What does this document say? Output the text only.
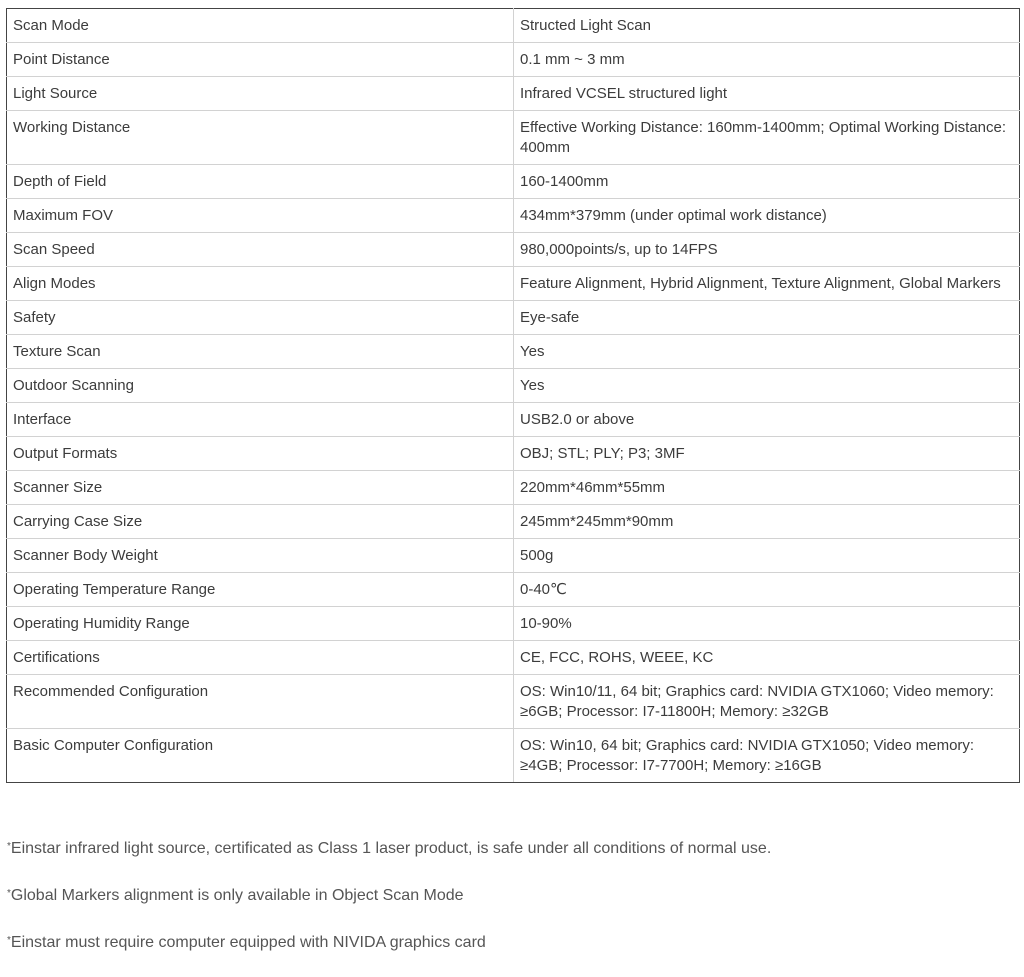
Scan Mode	Structed Light Scan
Point Distance	0.1 mm ~ 3 mm
Light Source	Infrared VCSEL structured light
Working Distance	Effective Working Distance: 160mm-1400mm; Optimal Working Distance: 400mm
Depth of Field	160-1400mm
Maximum FOV	434mm*379mm (under optimal work distance)
Scan Speed	980,000points/s, up to 14FPS
Align Modes	Feature Alignment, Hybrid Alignment, Texture Alignment, Global Markers
Safety	Eye-safe
Texture Scan	Yes
Outdoor Scanning	Yes
Interface	USB2.0 or above
Output Formats	OBJ; STL; PLY; P3; 3MF
Scanner Size	220mm*46mm*55mm
Carrying Case Size	245mm*245mm*90mm
Scanner Body Weight	500g
Operating Temperature Range	0-40℃
Operating Humidity Range	10-90%
Certifications	CE, FCC, ROHS, WEEE, KC
Recommended Configuration	OS: Win10/11, 64 bit; Graphics card: NVIDIA GTX1060; Video memory: ≥6GB; Processor: I7-11800H; Memory: ≥32GB
Basic Computer Configuration	OS: Win10, 64 bit; Graphics card: NVIDIA GTX1050; Video memory: ≥4GB; Processor: I7-7700H; Memory: ≥16GB
*Einstar infrared light source, certificated as Class 1 laser product, is safe under all conditions of normal use.
*Global Markers alignment is only available in Object Scan Mode
*Einstar must require computer equipped with NIVIDA graphics card
